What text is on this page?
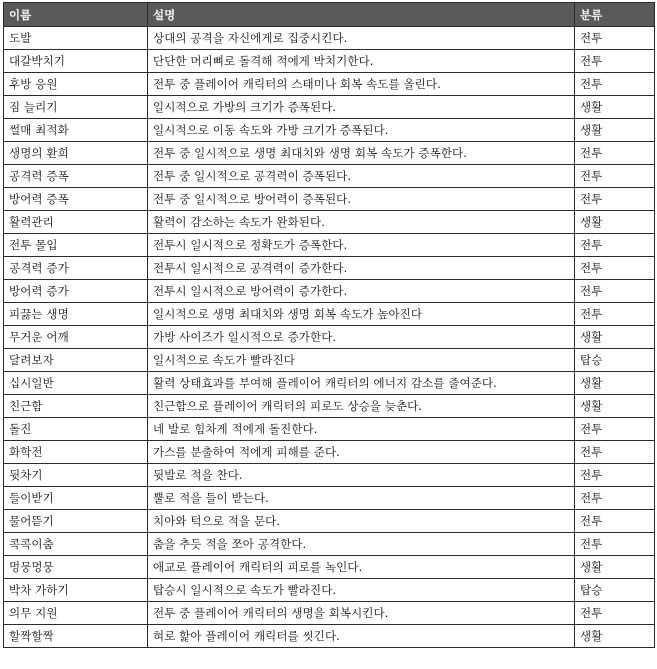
이름	설명	분류
도발	상대의 공격을 자신에게로 집중시킨다.	전투
대갈박치기	단단한 머리뼈로 돌격해 적에게 박치기한다.	전투
후방 응원	전투 중 플레이어 캐릭터의 스태미나 회복 속도를 올린다.	전투
짐 늘리기	일시적으로 가방의 크기가 증폭된다.	생활
썰매 최적화	일시적으로 이동 속도와 가방 크기가 증폭된다.	생활
생명의 환희	전투 중 일시적으로 생명 최대치와 생명 회복 속도가 증폭한다.	전투
공격력 증폭	전투 중 일시적으로 공격력이 증폭된다.	전투
방어력 증폭	전투 중 일시적으로 방어력이 증폭된다.	전투
활력관리	활력이 감소하는 속도가 완화된다.	생활
전투 몰입	전투시 일시적으로 정확도가 증폭한다.	전투
공격력 증가	전투시 일시적으로 공격력이 증가한다.	전투
방어력 증가	전투시 일시적으로 방어력이 증가한다.	전투
피끓는 생명	일시적으로 생명 최대치와 생명 회복 속도가 높아진다	전투
무거운 어깨	가방 사이즈가 일시적으로 증가한다.	생활
달려보자	일시적으로 속도가 빨라진다	탑승
십시일반	활력 상태효과를 부여해 플레이어 캐릭터의 에너지 감소를 줄여준다.	생활
친근함	친근함으로 플레이어 캐릭터의 피로도 상승을 늦춘다.	생활
돌진	네 발로 힘차게 적에게 돌진한다.	전투
화학전	가스를 분출하여 적에게 피해를 준다.	전투
뒷차기	뒷발로 적을 찬다.	전투
들이받기	뿔로 적을 들이 받는다.	전투
물어뜯기	치아와 턱으로 적을 문다.	전투
콕콕이춤	춤을 추듯 적을 쪼아 공격한다.	전투
멍뭉멍뭉	애교로 플레이어 캐릭터의 피로를 녹인다.	생활
박차 가하기	탑승시 일시적으로 속도가 빨라진다.	탑승
의무 지원	전투 중 플레이어 캐릭터의 생명을 회복시킨다.	전투
할짝할짝	혀로 핥아 플레이어 캐릭터를 씻긴다.	생활
